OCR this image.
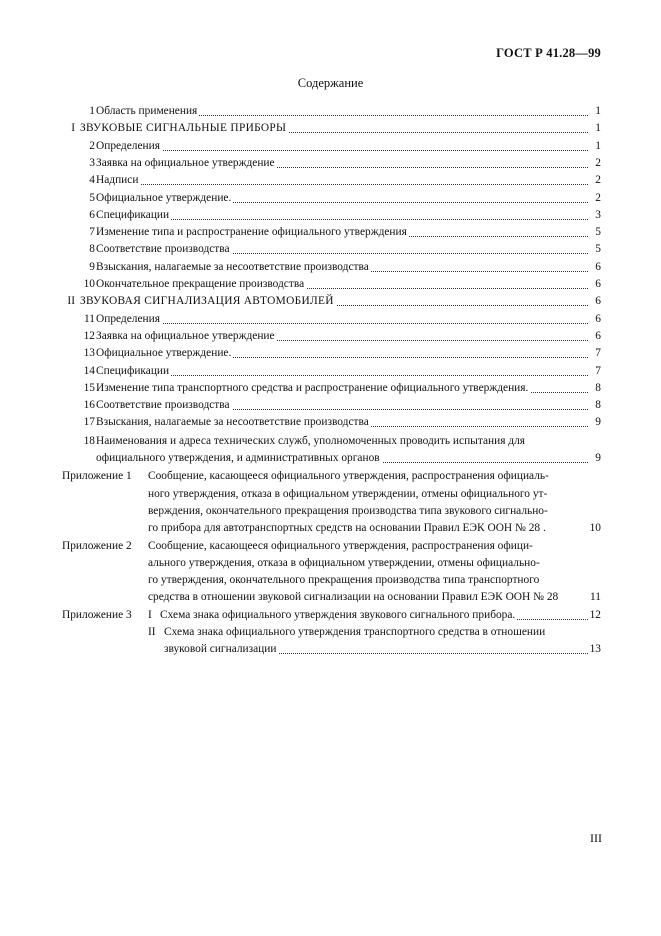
ГОСТ Р 41.28—99
Содержание
1 Область применения	1
I ЗВУКОВЫЕ СИГНАЛЬНЫЕ ПРИБОРЫ	1
2 Определения	1
3 Заявка на официальное утверждение	2
4 Надписи	2
5 Официальное утверждение.	2
6 Спецификации	3
7 Изменение типа и распространение официального утверждения	5
8 Соответствие производства	5
9 Взыскания, налагаемые за несоответствие производства	6
10 Окончательное прекращение производства	6
II ЗВУКОВАЯ СИГНАЛИЗАЦИЯ АВТОМОБИЛЕЙ	6
11 Определения	6
12 Заявка на официальное утверждение	6
13 Официальное утверждение.	7
14 Спецификации	7
15 Изменение типа транспортного средства и распространение официального утверждения.	8
16 Соответствие производства	8
17 Взыскания, налагаемые за несоответствие производства	9
18 Наименования и адреса технических служб, уполномоченных проводить испытания для
официального утверждения, и административных органов	9
Приложение 1 Сообщение, касающееся официального утверждения, распространения официаль-
ного утверждения, отказа в официальном утверждении, отмены официального ут-
верждения, окончательного прекращения производства типа звукового сигнально-
го прибора для автотранспортных средств на основании Правил ЕЭК ООН № 28 .	10
Приложение 2 Сообщение, касающееся официального утверждения, распространения офици-
ального утверждения, отказа в официальном утверждении, отмены официально-
го утверждения, окончательного прекращения производства типа транспортного
средства в отношении звуковой сигнализации на основании Правил ЕЭК ООН № 28	11
Приложение 3 I Схема знака официального утверждения звукового сигнального прибора.	12
II Схема знака официального утверждения транспортного средства в отношении
звуковой сигнализации	13
III
